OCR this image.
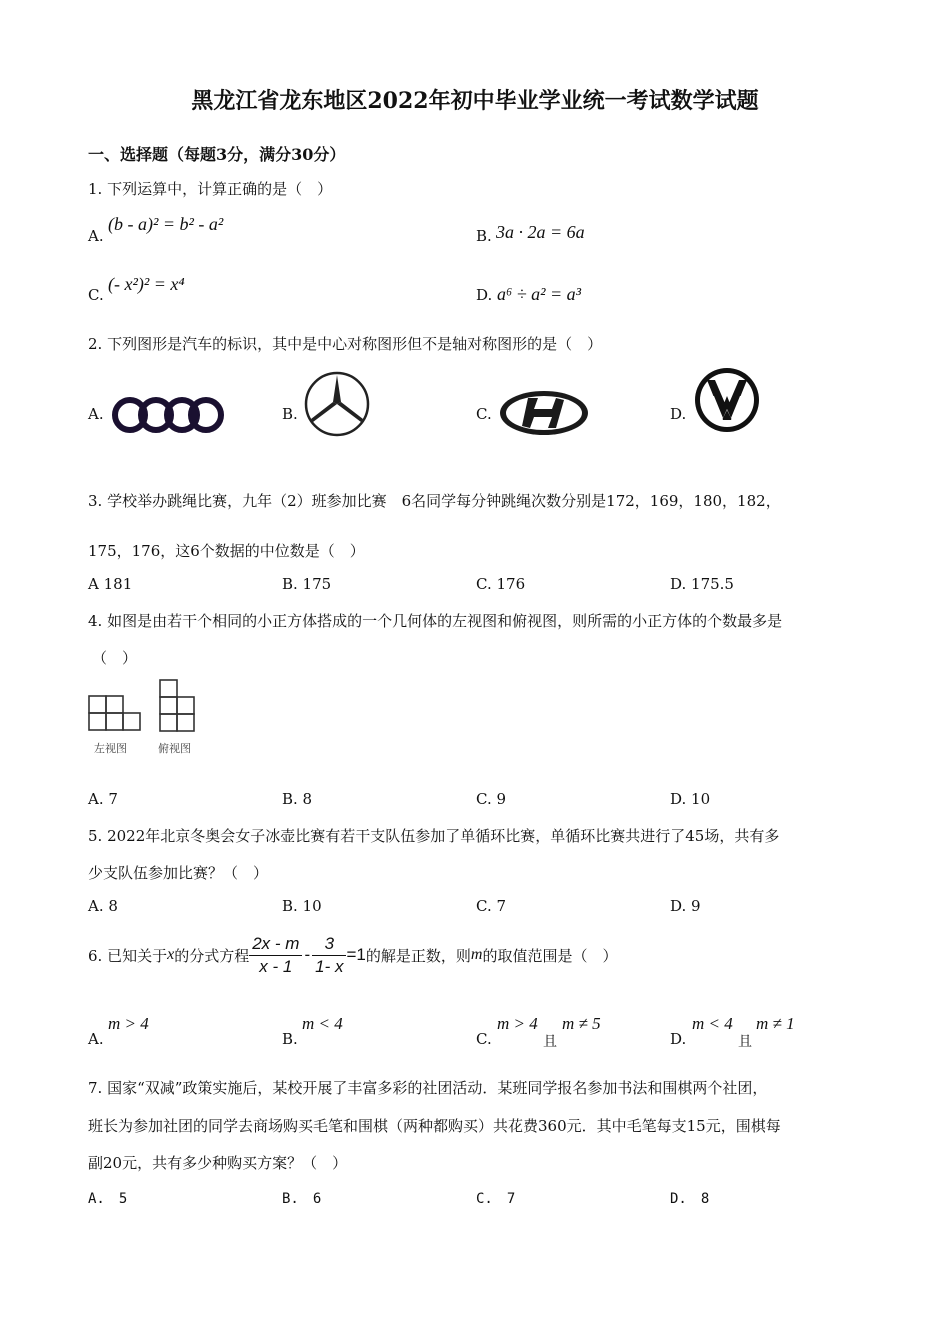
黑龙江省龙东地区2022年初中毕业学业统一考试数学试题
一、选择题（每题3分，满分30分）
1. 下列运算中，计算正确的是（　）
A.
(b - a)² = b² - a²
B. 3a · 2a = 6a
C.
(- x²)² = x⁴
D. a⁶ ÷ a² = a³
2. 下列图形是汽车的标识，其中是中心对称图形但不是轴对称图形的是（　）
A.	B.	C.	D.
3. 学校举办跳绳比赛，九年（2）班参加比赛　6名同学每分钟跳绳次数分别是172，169，180，182，
175，176，这6个数据的中位数是（　）
A 181	B. 175	C. 176	D. 175.5
4. 如图是由若干个相同的小正方体搭成的一个几何体的左视图和俯视图，则所需的小正方体的个数最多是
（　）
左视图	俯视图
A. 7	B. 8	C. 9	D. 10
5. 2022年北京冬奥会女子冰壶比赛有若干支队伍参加了单循环比赛，单循环比赛共进行了45场，共有多
少支队伍参加比赛？（　）
A. 8	B. 10	C. 7	D. 9
6. 已知关于 x 的分式方程 $\frac{2x - m}{x - 1} - \frac{3}{1- x} =1$ 的解是正数，则 m 的取值范围是（　）
A.
m > 4
B.
m < 4
C.
m > 4
且
m ≠ 5
D.
m < 4
且
m ≠ 1
7. 国家“双减”政策实施后，某校开展了丰富多彩的社团活动．某班同学报名参加书法和围棋两个社团，
班长为参加社团的同学去商场购买毛笔和围棋（两种都购买）共花费360元．其中毛笔每支15元，围棋每
副20元，共有多少种购买方案？（　）
A.　5	B.　6	C.　7	D.　8
